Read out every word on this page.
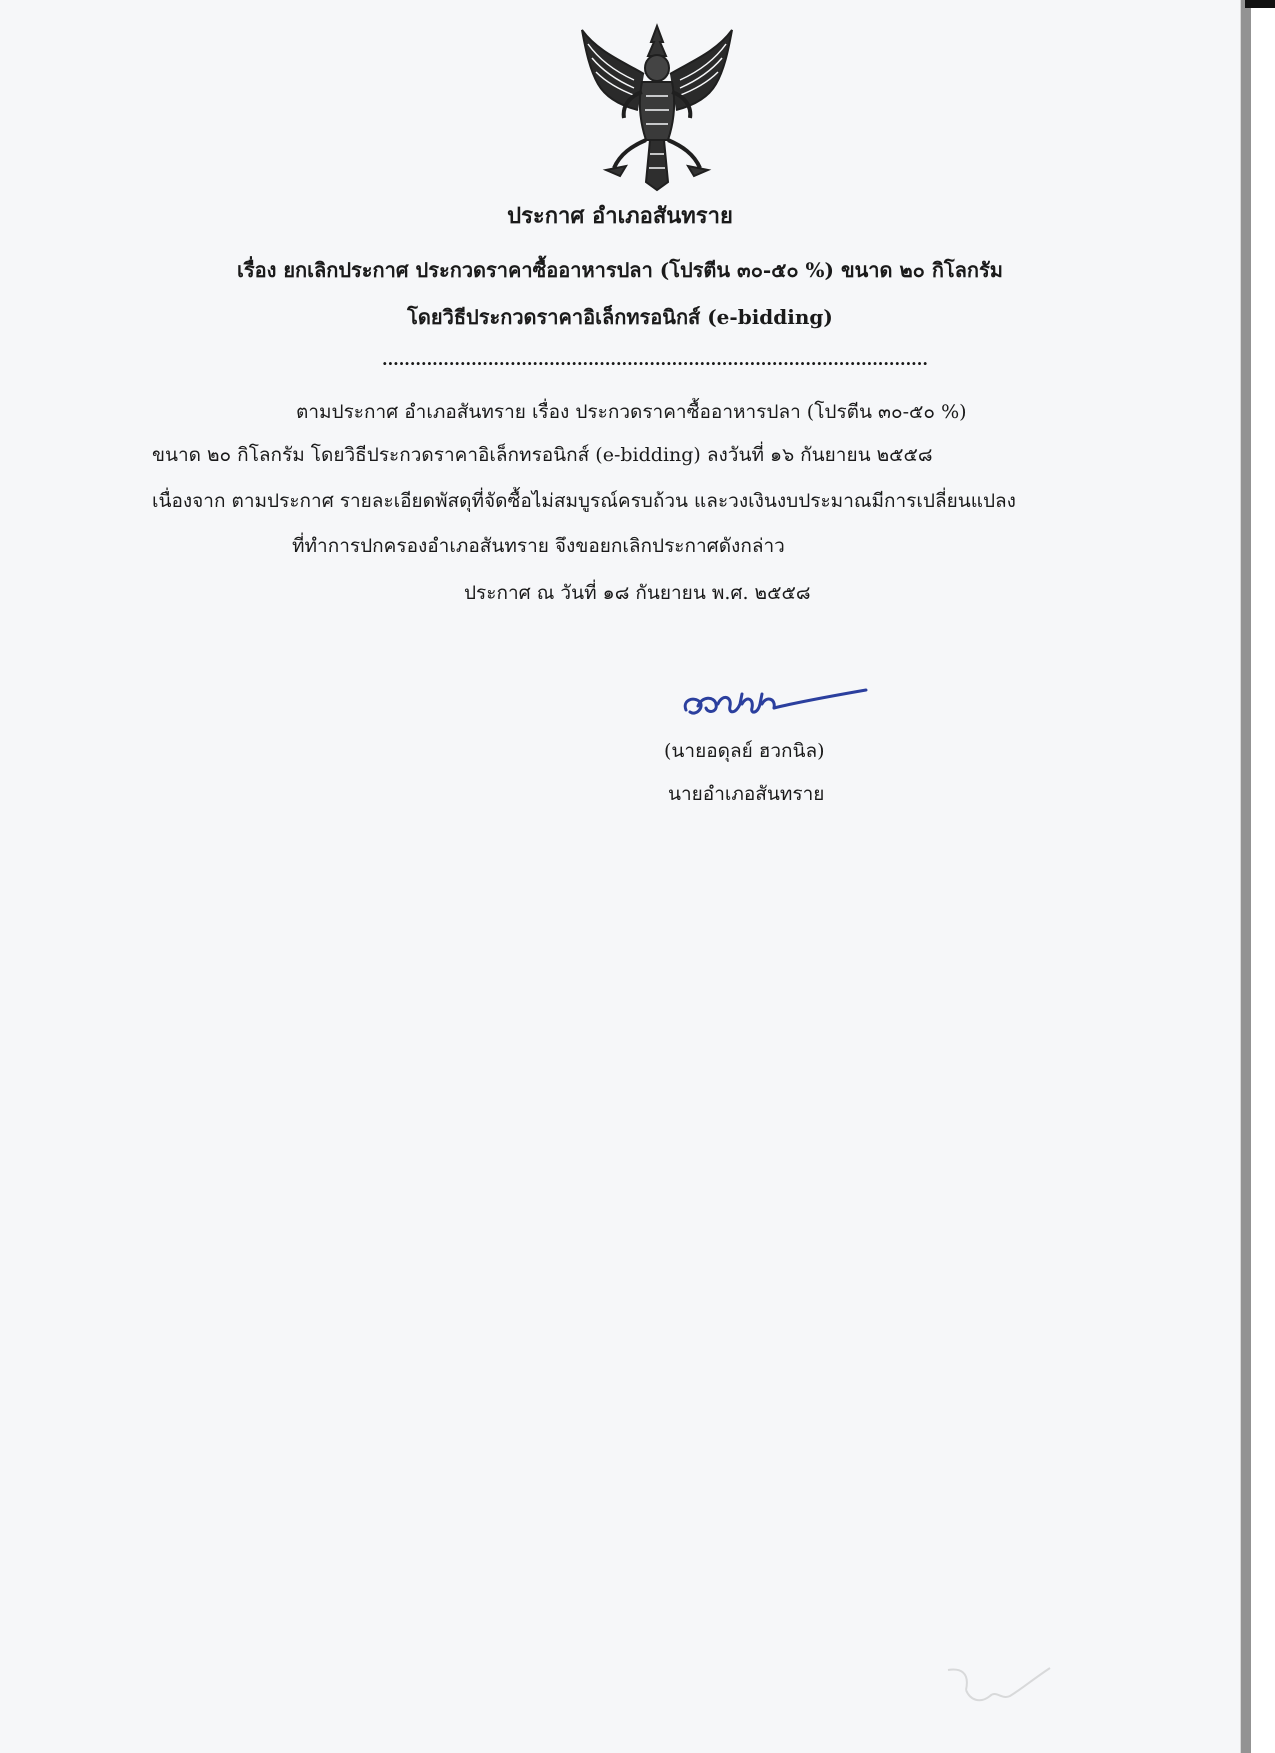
ประกาศ อำเภอสันทราย
เรื่อง ยกเลิกประกาศ ประกวดราคาซื้ออาหารปลา (โปรตีน ๓๐-๕๐ %) ขนาด ๒๐ กิโลกรัม
โดยวิธีประกวดราคาอิเล็กทรอนิกส์ (e-bidding)
..................................................................................................
ตามประกาศ อำเภอสันทราย เรื่อง ประกวดราคาซื้ออาหารปลา (โปรตีน ๓๐-๕๐ %)
ขนาด ๒๐ กิโลกรัม โดยวิธีประกวดราคาอิเล็กทรอนิกส์ (e-bidding) ลงวันที่ ๑๖ กันยายน ๒๕๕๘
เนื่องจาก ตามประกาศ รายละเอียดพัสดุที่จัดซื้อไม่สมบูรณ์ครบถ้วน และวงเงินงบประมาณมีการเปลี่ยนแปลง
ที่ทำการปกครองอำเภอสันทราย จึงขอยกเลิกประกาศดังกล่าว
ประกาศ ณ วันที่ ๑๘ กันยายน พ.ศ. ๒๕๕๘
(นายอดุลย์ ฮวกนิล)
นายอำเภอสันทราย
